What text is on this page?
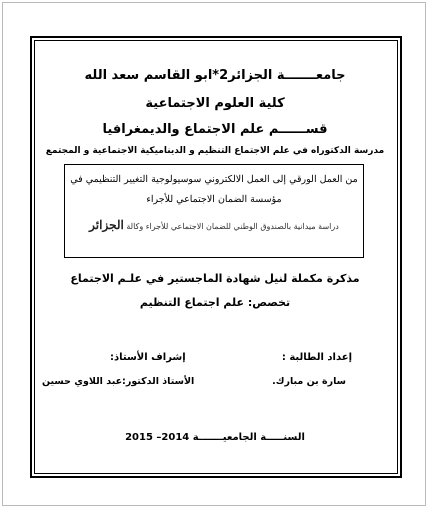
جامعـــــــة الجزائر2*ابو القاسم سعد الله
كلية العلوم الاجتماعية
قســــــم علم الاجتماع والديمغرافيا
مدرسة الدكتوراه في علم الاجتماع التنظيم و الديناميكية الاجتماعية و المجتمع
من العمل الورقي إلى العمل الالكتروني سوسيولوجية التغيير التنظيمي في
مؤسسة الضمان الاجتماعي للأجراء
دراسة ميدانية بالصندوق الوطني للضمان الاجتماعي للأجراء وكالة الجزائر
مذكرة مكملة لنيل شهادة الماجستير في علـم الاجتماع
تخصص: علم اجتماع التنظيم
إعداد الطالبة :
إشراف الأستاذ:
سارة بن مبارك.
الأستاذ الدكتور:عبد اللاوي حسين
السنـــــة الجامعيـــــــة 2014– 2015
